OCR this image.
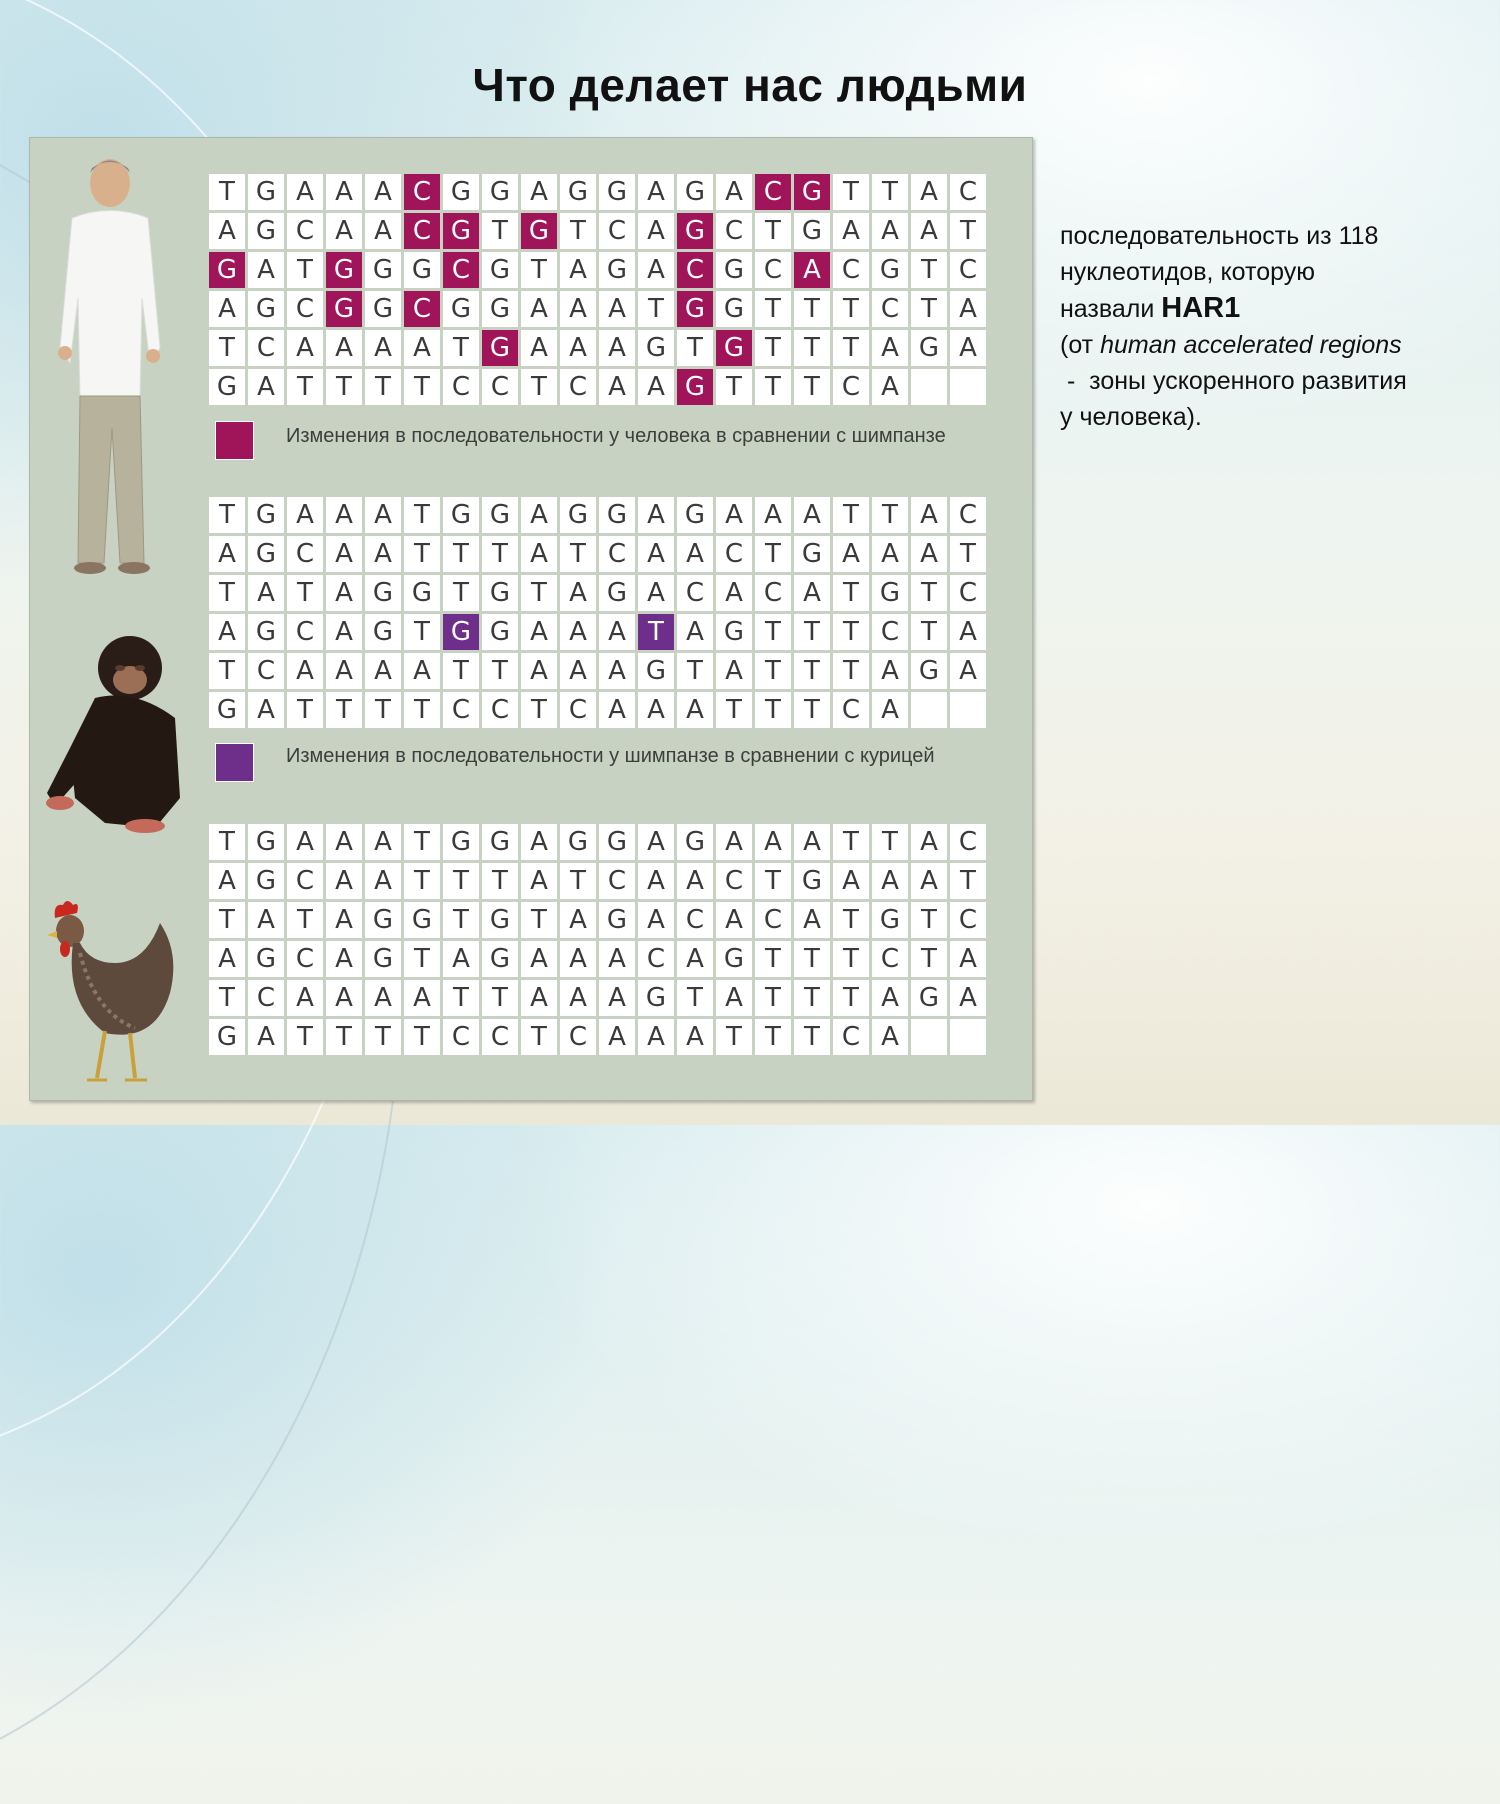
Что делает нас людьми
T	G	A	A	A	C	G	G	A	G	G	A	G	A	C	G	T	T	A	C
A	G	C	A	A	C	G	T	G	T	C	A	G	C	T	G	A	A	A	T
G	A	T	G	G	G	C	G	T	A	G	A	C	G	C	A	C	G	T	C
A	G	C	G	G	C	G	G	A	A	A	T	G	G	T	T	T	C	T	A
T	C	A	A	A	A	T	G	A	A	A	G	T	G	T	T	T	A	G	A
G	A	T	T	T	T	C	C	T	C	A	A	G	T	T	T	C	A		
Изменения в последовательности у человека в сравнении с шимпанзе
T	G	A	A	A	T	G	G	A	G	G	A	G	A	A	A	T	T	A	C
A	G	C	A	A	T	T	T	A	T	C	A	A	C	T	G	A	A	A	T
T	A	T	A	G	G	T	G	T	A	G	A	C	A	C	A	T	G	T	C
A	G	C	A	G	T	G	G	A	A	A	T	A	G	T	T	T	C	T	A
T	C	A	A	A	A	T	T	A	A	A	G	T	A	T	T	T	A	G	A
G	A	T	T	T	T	C	C	T	C	A	A	A	T	T	T	C	A		
Изменения в последовательности у шимпанзе в сравнении с курицей
T	G	A	A	A	T	G	G	A	G	G	A	G	A	A	A	T	T	A	C
A	G	C	A	A	T	T	T	A	T	C	A	A	C	T	G	A	A	A	T
T	A	T	A	G	G	T	G	T	A	G	A	C	A	C	A	T	G	T	C
A	G	C	A	G	T	A	G	A	A	A	C	A	G	T	T	T	C	T	A
T	C	A	A	A	A	T	T	A	A	A	G	T	A	T	T	T	A	G	A
G	A	T	T	T	T	C	C	T	C	A	A	A	T	T	T	C	A		
последовательность из 118
нуклеотидов, которую
назвали HAR1
(от human accelerated regions
-  зоны ускоренного развития
у человека).
